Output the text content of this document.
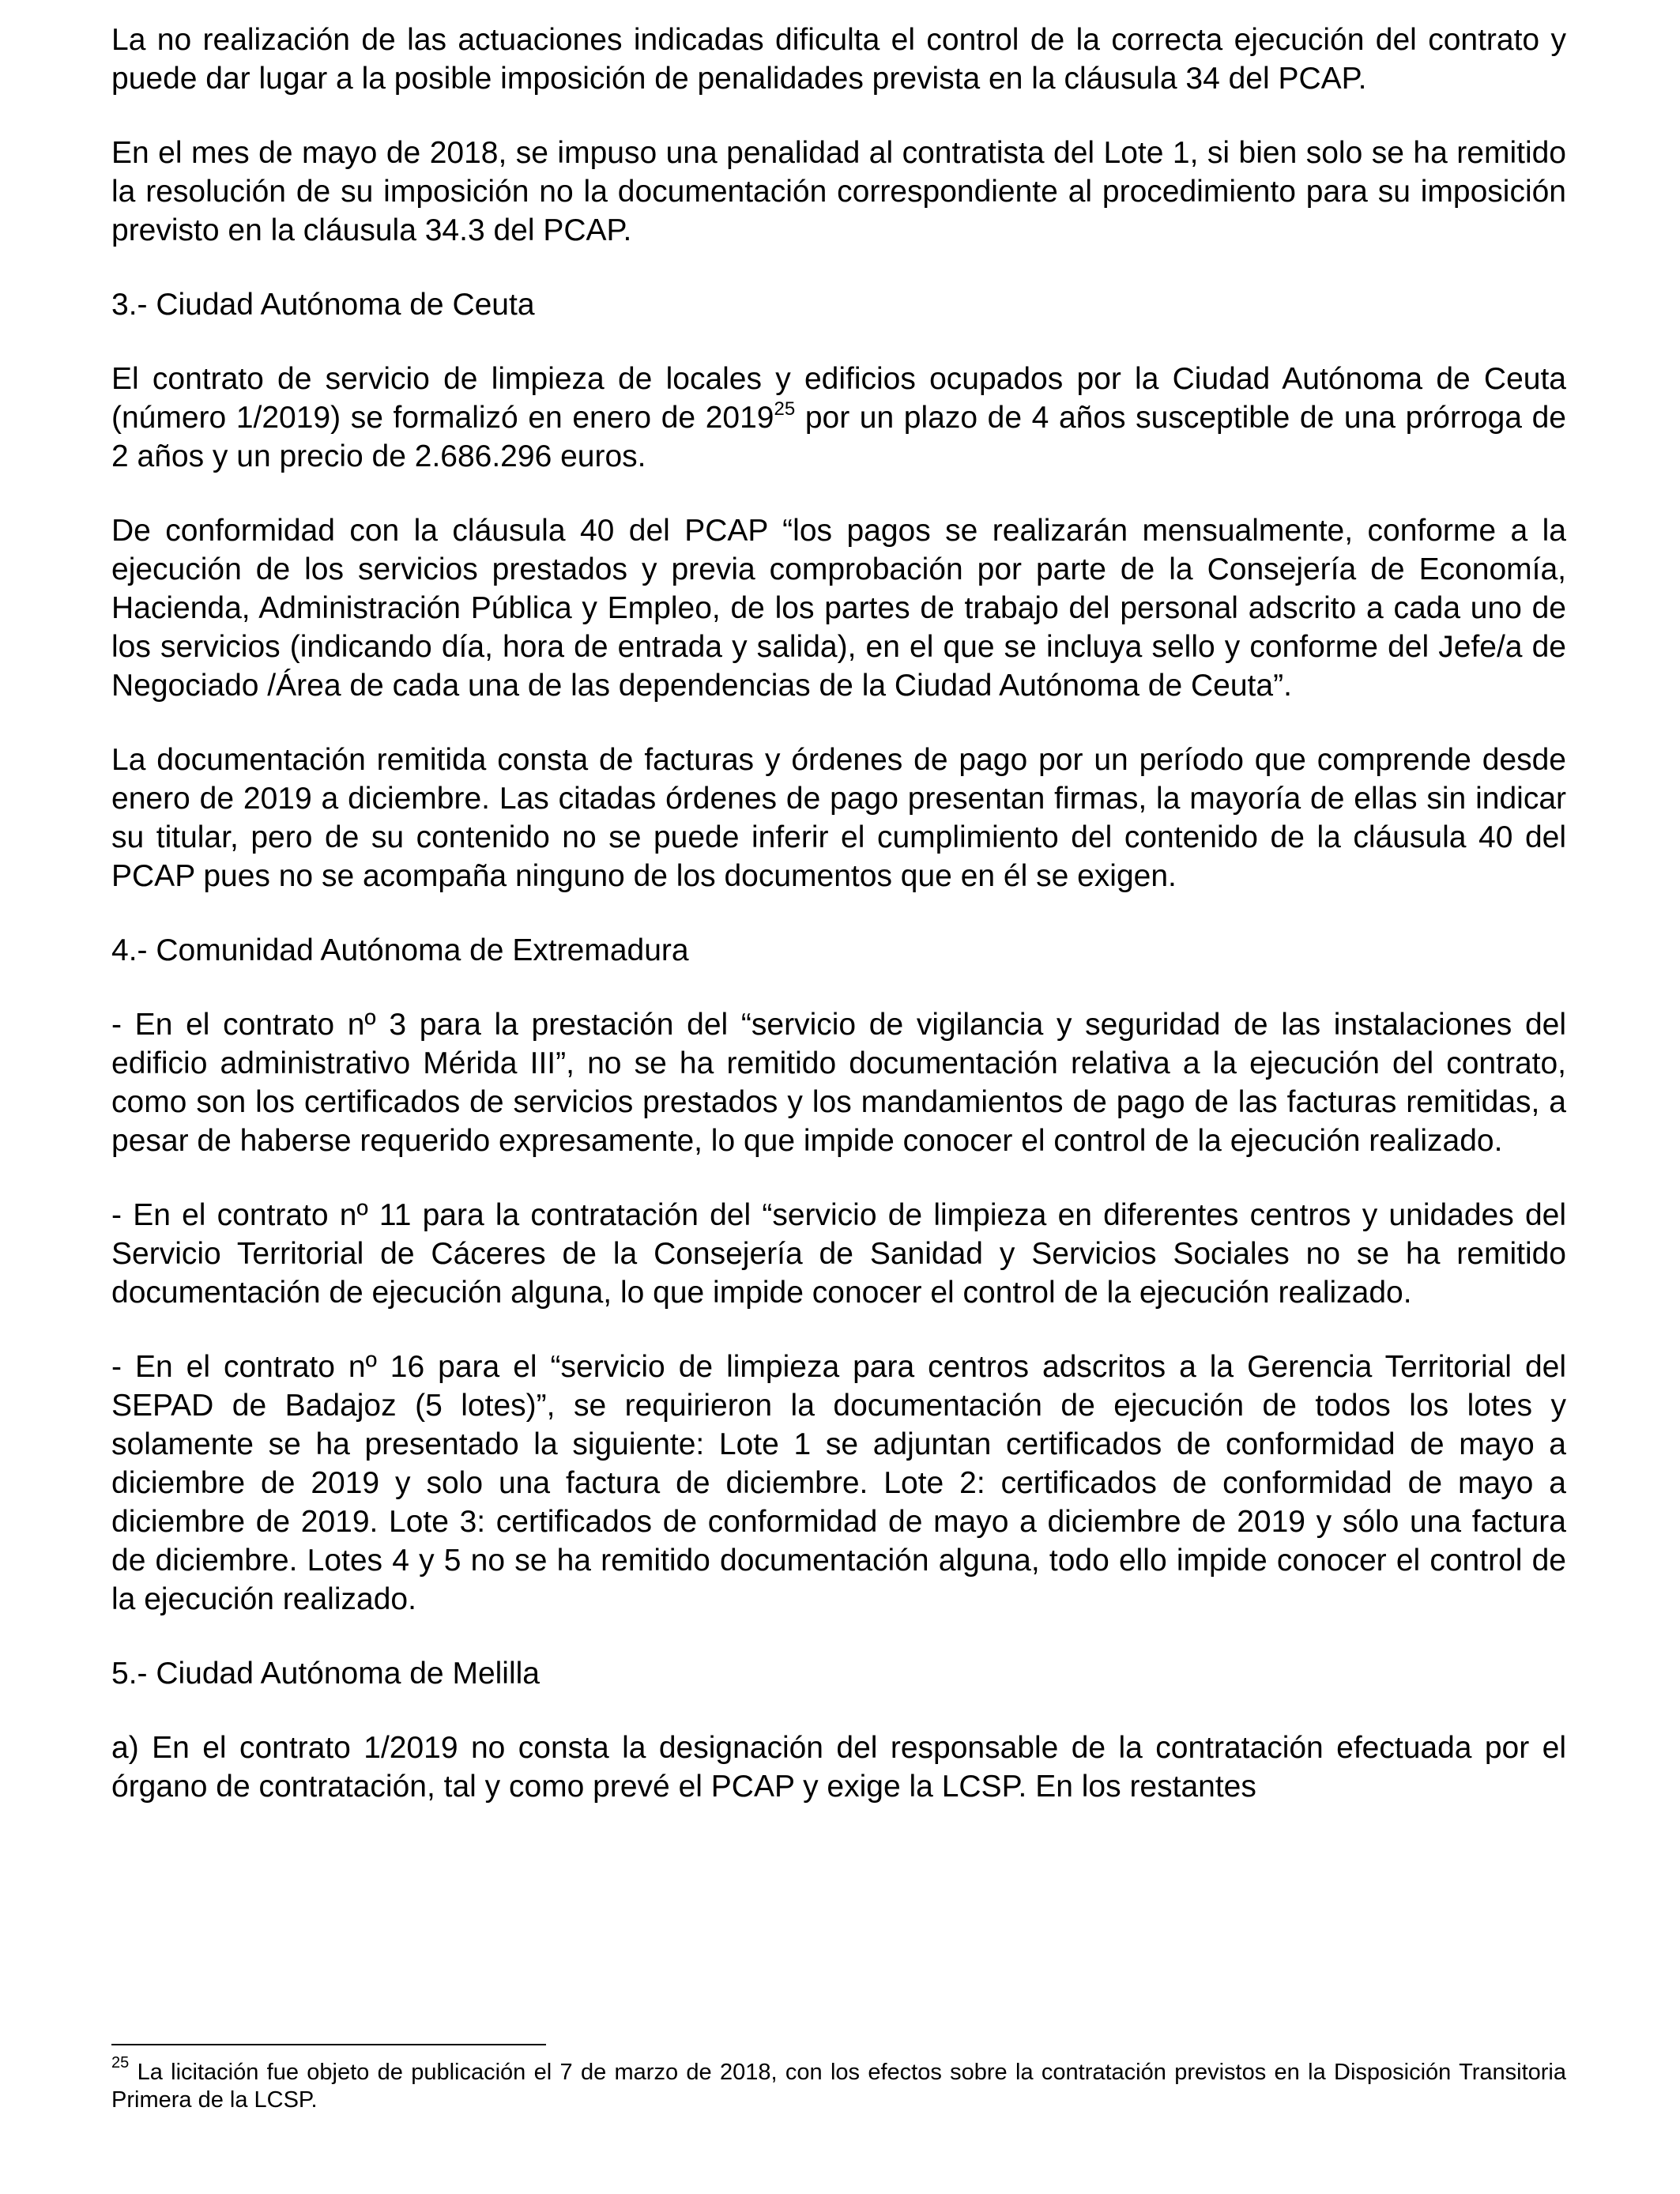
La no realización de las actuaciones indicadas dificulta el control de la correcta ejecución del contrato y puede dar lugar a la posible imposición de penalidades prevista en la cláusula 34 del PCAP.

En el mes de mayo de 2018, se impuso una penalidad al contratista del Lote 1, si bien solo se ha remitido la resolución de su imposición no la documentación correspondiente al procedimiento para su imposición previsto en la cláusula 34.3 del PCAP.

3.- Ciudad Autónoma de Ceuta

El contrato de servicio de limpieza de locales y edificios ocupados por la Ciudad Autónoma de Ceuta (número 1/2019) se formalizó en enero de 2019$^{25}$ por un plazo de 4 años susceptible de una prórroga de 2 años y un precio de 2.686.296 euros.

De conformidad con la cláusula 40 del PCAP “los pagos se realizarán mensualmente, conforme a la ejecución de los servicios prestados y previa comprobación por parte de la Consejería de Economía, Hacienda, Administración Pública y Empleo, de los partes de trabajo del personal adscrito a cada uno de los servicios (indicando día, hora de entrada y salida), en el que se incluya sello y conforme del Jefe/a de Negociado /Área de cada una de las dependencias de la Ciudad Autónoma de Ceuta”.

La documentación remitida consta de facturas y órdenes de pago por un período que comprende desde enero de 2019 a diciembre. Las citadas órdenes de pago presentan firmas, la mayoría de ellas sin indicar su titular, pero de su contenido no se puede inferir el cumplimiento del contenido de la cláusula 40 del PCAP pues no se acompaña ninguno de los documentos que en él se exigen.

4.- Comunidad Autónoma de Extremadura

- En el contrato nº 3 para la prestación del “servicio de vigilancia y seguridad de las instalaciones del edificio administrativo Mérida III”, no se ha remitido documentación relativa a la ejecución del contrato, como son los certificados de servicios prestados y los mandamientos de pago de las facturas remitidas, a pesar de haberse requerido expresamente, lo que impide conocer el control de la ejecución realizado.

- En el contrato nº 11 para la contratación del “servicio de limpieza en diferentes centros y unidades del Servicio Territorial de Cáceres de la Consejería de Sanidad y Servicios Sociales no se ha remitido documentación de ejecución alguna, lo que impide conocer el control de la ejecución realizado.

- En el contrato nº 16 para el “servicio de limpieza para centros adscritos a la Gerencia Territorial del SEPAD de Badajoz (5 lotes)”, se requirieron la documentación de ejecución de todos los lotes y solamente se ha presentado la siguiente: Lote 1 se adjuntan certificados de conformidad de mayo a diciembre de 2019 y solo una factura de diciembre. Lote 2: certificados de conformidad de mayo a diciembre de 2019. Lote 3: certificados de conformidad de mayo a diciembre de 2019 y sólo una factura de diciembre. Lotes 4 y 5 no se ha remitido documentación alguna, todo ello impide conocer el control de la ejecución realizado.

5.- Ciudad Autónoma de Melilla

a) En el contrato 1/2019 no consta la designación del responsable de la contratación efectuada por el órgano de contratación, tal y como prevé el PCAP y exige la LCSP. En los restantes

$^{25}$ La licitación fue objeto de publicación el 7 de marzo de 2018, con los efectos sobre la contratación previstos en la Disposición Transitoria Primera de la LCSP.
